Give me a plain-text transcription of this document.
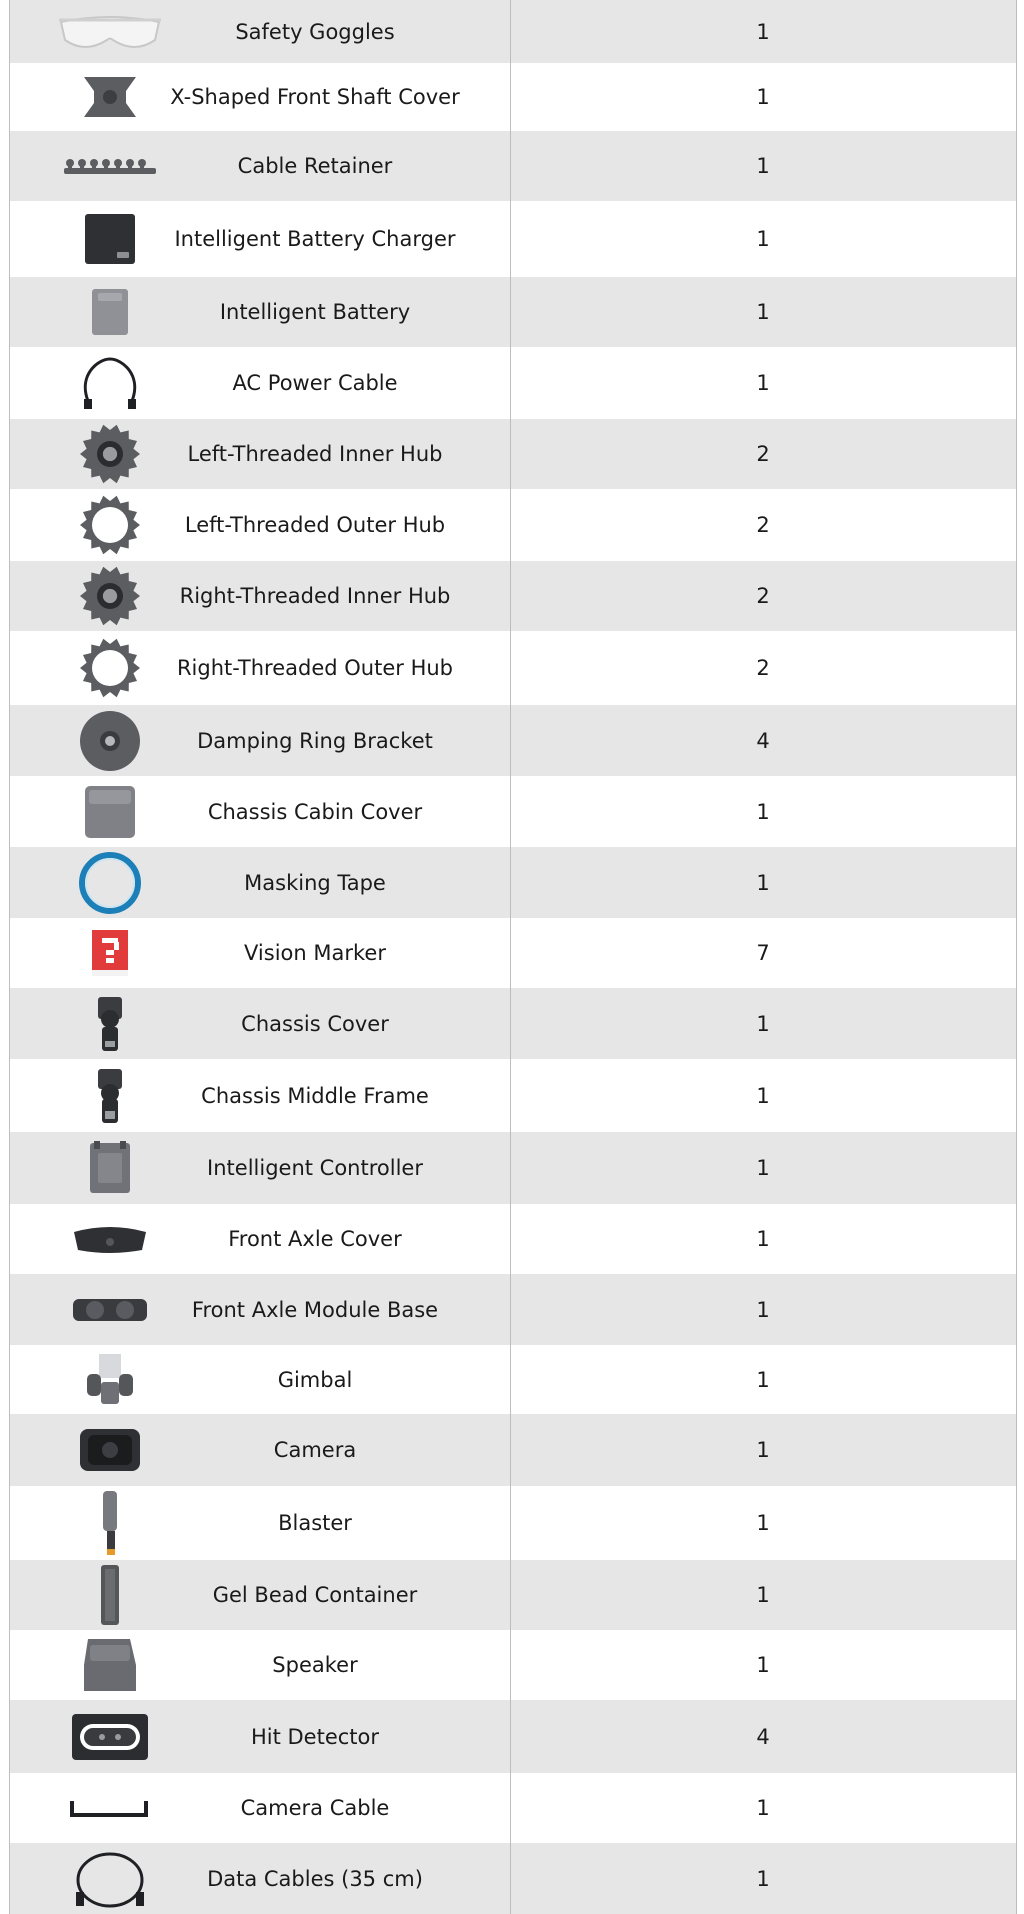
Safety Goggles	1
X-Shaped Front Shaft Cover	1
Cable Retainer	1
Intelligent Battery Charger	1
Intelligent Battery	1
AC Power Cable	1
Left-Threaded Inner Hub	2
Left-Threaded Outer Hub	2
Right-Threaded Inner Hub	2
Right-Threaded Outer Hub	2
Damping Ring Bracket	4
Chassis Cabin Cover	1
Masking Tape	1
Vision Marker	7
Chassis Cover	1
Chassis Middle Frame	1
Intelligent Controller	1
Front Axle Cover	1
Front Axle Module Base	1
Gimbal	1
Camera	1
Blaster	1
Gel Bead Container	1
Speaker	1
Hit Detector	4
Camera Cable	1
Data Cables (35 cm)	1
